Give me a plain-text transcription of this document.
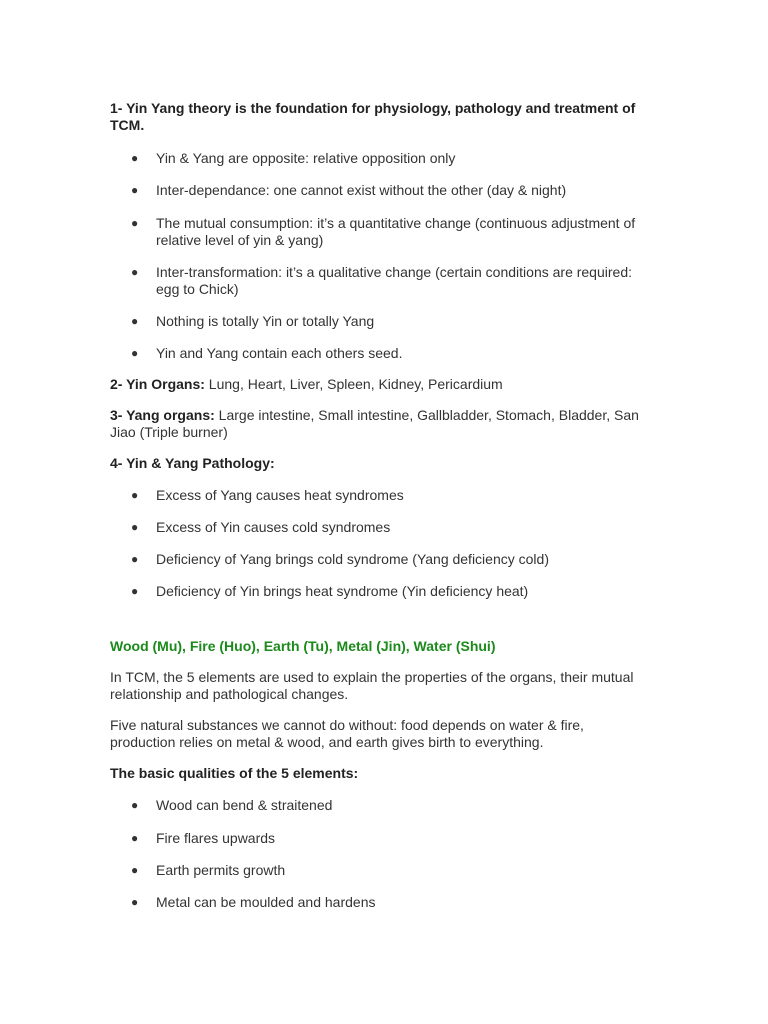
1- Yin Yang theory is the foundation for physiology, pathology and treatment of TCM.

● Yin & Yang are opposite: relative opposition only
● Inter-dependance: one cannot exist without the other (day & night)
● The mutual consumption: it’s a quantitative change (continuous adjustment of relative level of yin & yang)
● Inter-transformation: it’s a qualitative change (certain conditions are required: egg to Chick)
● Nothing is totally Yin or totally Yang
● Yin and Yang contain each others seed.

2- Yin Organs: Lung, Heart, Liver, Spleen, Kidney, Pericardium

3- Yang organs: Large intestine, Small intestine, Gallbladder, Stomach, Bladder, San Jiao (Triple burner)

4- Yin & Yang Pathology:

● Excess of Yang causes heat syndromes
● Excess of Yin causes cold syndromes
● Deficiency of Yang brings cold syndrome (Yang deficiency cold)
● Deficiency of Yin brings heat syndrome (Yin deficiency heat)

Wood (Mu), Fire (Huo), Earth (Tu), Metal (Jin), Water (Shui)

In TCM, the 5 elements are used to explain the properties of the organs, their mutual relationship and pathological changes.

Five natural substances we cannot do without: food depends on water & fire, production relies on metal & wood, and earth gives birth to everything.

The basic qualities of the 5 elements:

● Wood can bend & straitened
● Fire flares upwards
● Earth permits growth
● Metal can be moulded and hardens
